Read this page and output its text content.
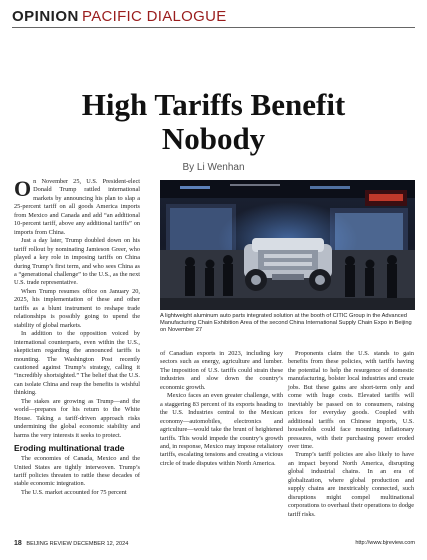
OPINION PACIFIC DIALOGUE
High Tariffs Benefit
Nobody
By Li Wenhan

On November 25, U.S. President-elect Donald Trump rattled international markets by announcing his plan to slap a 25-percent tariff on all goods America imports from Mexico and Canada and add “an additional 10-percent tariff, above any additional tariffs” on imports from China.

Just a day later, Trump doubled down on his tariff rollout by nominating Jamieson Greer, who played a key role in imposing tariffs on China during Trump’s first term, and who sees China as a “generational challenge” to the U.S., as the next U.S. trade representative.

When Trump resumes office on January 20, 2025, his implementation of these and other tariffs as a blunt instrument to reshape trade relationships is possibly going to upend the stability of global markets.

In addition to the opposition voiced by international counterparts, even within the U.S., skepticism regarding the announced tariffs is mounting. The Washington Post recently cautioned against Trump’s strategy, calling it “incredibly shortsighted.” The belief that the U.S. can isolate China and reap the benefits is wishful thinking.

The stakes are growing as Trump—and the world—prepares for his return to the White House. Taking a tariff-driven approach risks undermining the global economic stability and harms the very interests it seeks to protect.

Eroding multinational trade

The economies of Canada, Mexico and the United States are tightly interwoven. Trump’s tariff policies threaten to rattle these decades of stable economic integration.

The U.S. market accounted for 75 percent

A lightweight aluminum auto parts integrated solution at the booth of CITIC Group in the Advanced Manufacturing Chain Exhibition Area of the second China International Supply Chain Expo in Beijing on November 27

of Canadian exports in 2023, including key sectors such as energy, agriculture and lumber. The imposition of U.S. tariffs could strain these industries and slow down the country’s economic growth.

Mexico faces an even greater challenge, with a staggering 83 percent of its exports heading to the U.S. Industries central to the Mexican economy—automobiles, electronics and agriculture—would take the brunt of heightened tariffs. This would impede the country’s growth and, in response, Mexico may impose retaliatory tariffs, escalating tensions and creating a vicious circle of trade disputes within North America.

Proponents claim the U.S. stands to gain benefits from these policies, with tariffs having the potential to help the resurgence of domestic manufacturing, bolster local industries and create jobs. But these gains are short-term only and come with huge costs. Elevated tariffs will inevitably be passed on to consumers, raising prices for everyday goods. Coupled with additional tariffs on Chinese imports, U.S. households could face mounting inflationary pressures, with their purchasing power eroded over time.

Trump’s tariff policies are also likely to have an impact beyond North America, disrupting global industrial chains. In an era of globalization, where global production and supply chains are inextricably connected, such disruptions might compel multinational corporations to overhaul their operations to dodge tariff risks.

18 BEIJING REVIEW DECEMBER 12, 2024	http://www.bjreview.com
